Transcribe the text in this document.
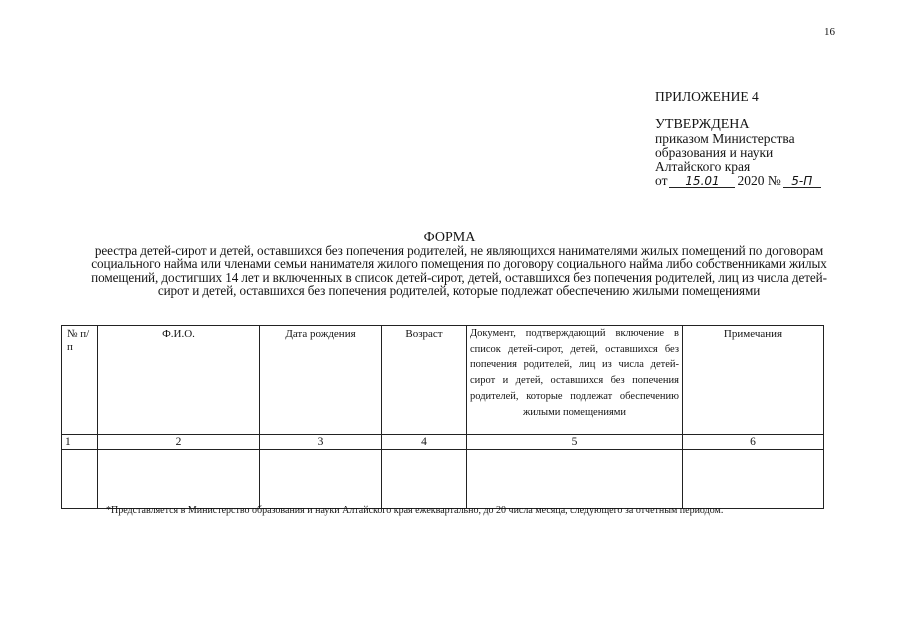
16
ПРИЛОЖЕНИЕ 4
УТВЕРЖДЕНА
приказом Министерства
образования и науки
Алтайского края
от	15.01	2020 № 5-П
ФОРМА
реестра детей-сирот и детей, оставшихся без попечения родителей, не являющихся нанимателями жилых помещений по договорам социального найма или членами семьи нанимателя жилого помещения по договору социального найма либо собственниками жилых помещений, достигших 14 лет и включенных в список детей-сирот, детей, оставшихся без попечения родителей, лиц из числа детей-сирот и детей, оставшихся без попечения родителей, которые подлежат обеспечению жилыми помещениями
№ п/п	Ф.И.О.	Дата рождения	Возраст	Документ, подтверждающий включение в список детей-сирот, детей, оставшихся без попечения родителей, лиц из числа детей-сирот и детей, оставшихся без попечения родителей, которые подлежат обеспечению жилыми помещениями	Примечания
1	2	3	4	5	6

*Представляется в Министерство образования и науки Алтайского края ежеквартально, до 20 числа месяца, следующего за отчетным периодом.
